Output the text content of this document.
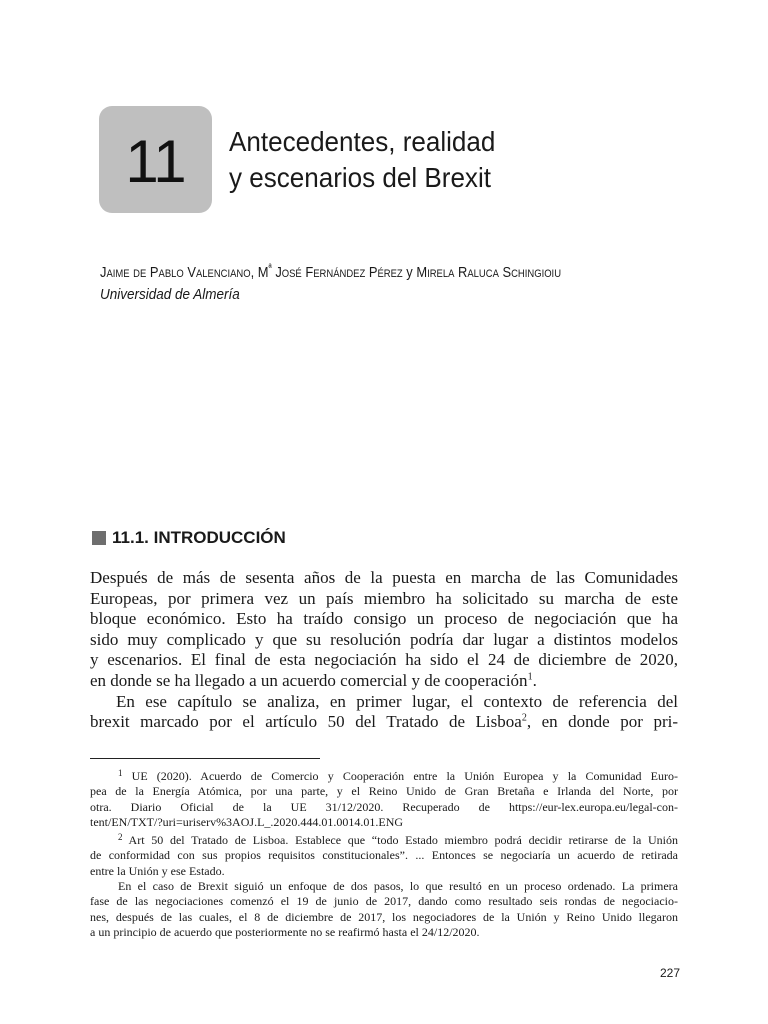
11 Antecedentes, realidad
y escenarios del Brexit
Jaime de Pablo Valenciano, $M^ª$ José Fernández Pérez y Mirela Raluca Schingioiu
Universidad de Almería
11.1. INTRODUCCIÓN

Después de más de sesenta años de la puesta en marcha de las Comunidades
Europeas, por primera vez un país miembro ha solicitado su marcha de este
bloque económico. Esto ha traído consigo un proceso de negociación que ha
sido muy complicado y que su resolución podría dar lugar a distintos modelos
y escenarios. El final de esta negociación ha sido el 24 de diciembre de 2020,
en donde se ha llegado a un acuerdo comercial y de cooperación$^1$.

En ese capítulo se analiza, en primer lugar, el contexto de referencia del
brexit marcado por el artículo 50 del Tratado de Lisboa$^2$, en donde por pri-

$^1$ UE (2020). Acuerdo de Comercio y Cooperación entre la Unión Europea y la Comunidad Euro-
pea de la Energía Atómica, por una parte, y el Reino Unido de Gran Bretaña e Irlanda del Norte, por
otra. Diario Oficial de la UE 31/12/2020. Recuperado de https://eur-lex.europa.eu/legal-con-
tent/EN/TXT/?uri=uriserv%3AOJ.L_.2020.444.01.0014.01.ENG
$^2$ Art 50 del Tratado de Lisboa. Establece que “todo Estado miembro podrá decidir retirarse de la Unión
de conformidad con sus propios requisitos constitucionales”. ... Entonces se negociaría un acuerdo de retirada
entre la Unión y ese Estado.
En el caso de Brexit siguió un enfoque de dos pasos, lo que resultó en un proceso ordenado. La primera
fase de las negociaciones comenzó el 19 de junio de 2017, dando como resultado seis rondas de negociacio-
nes, después de las cuales, el 8 de diciembre de 2017, los negociadores de la Unión y Reino Unido llegaron
a un principio de acuerdo que posteriormente no se reafirmó hasta el 24/12/2020.
227
